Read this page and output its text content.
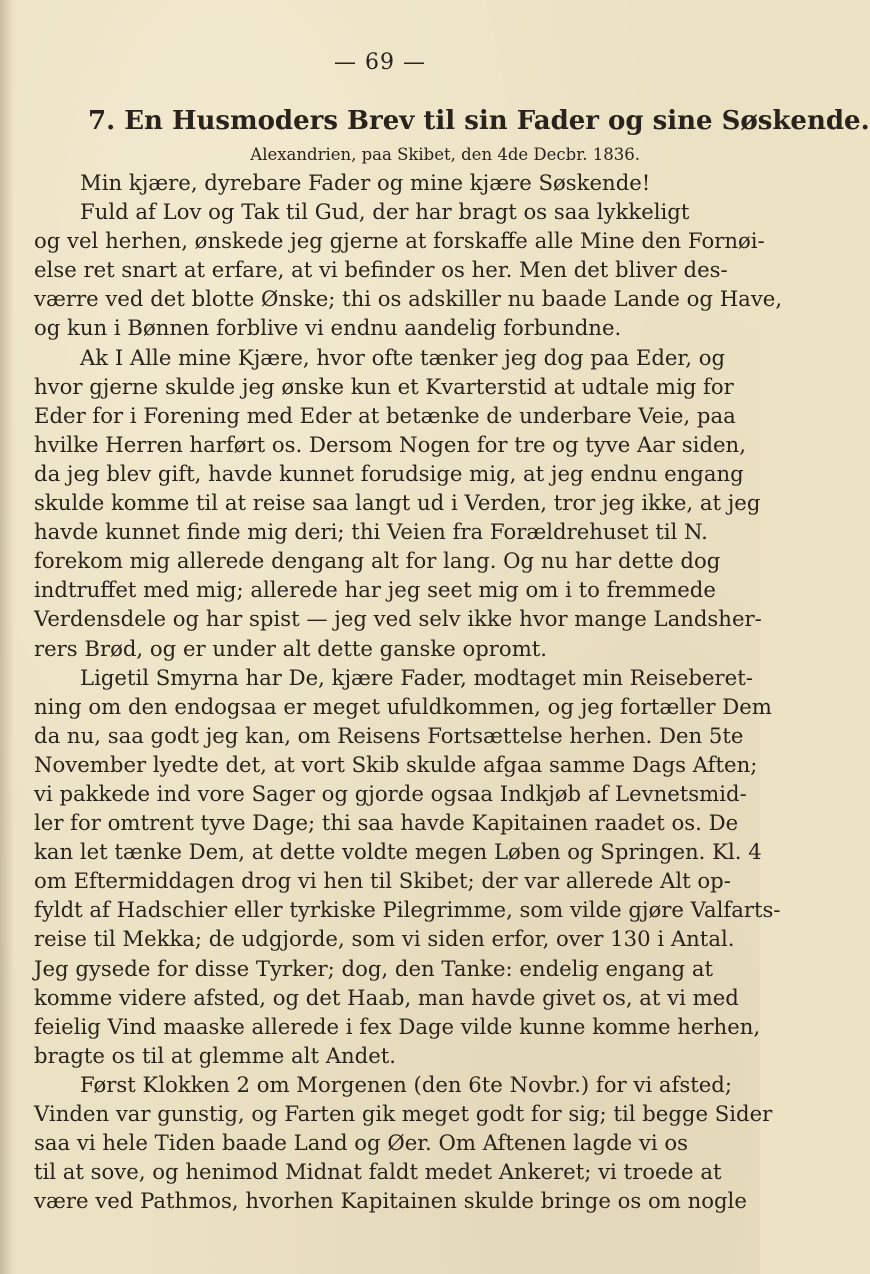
— 69 —
7. En Husmoders Brev til sin Fader og sine Søskende.
Alexandrien, paa Skibet, den 4de Decbr. 1836.
Min kjære, dyrebare Fader og mine kjære Søskende!
Fuld af Lov og Tak til Gud, der har bragt os saa lykkeligt
og vel herhen, ønskede jeg gjerne at forskaffe alle Mine den Fornøi-
else ret snart at erfare, at vi befinder os her. Men det bliver des-
værre ved det blotte Ønske; thi os adskiller nu baade Lande og Have,
og kun i Bønnen forblive vi endnu aandelig forbundne.
Ak I Alle mine Kjære, hvor ofte tænker jeg dog paa Eder, og
hvor gjerne skulde jeg ønske kun et Kvarterstid at udtale mig for
Eder for i Forening med Eder at betænke de underbare Veie, paa
hvilke Herren harført os. Dersom Nogen for tre og tyve Aar siden,
da jeg blev gift, havde kunnet forudsige mig, at jeg endnu engang
skulde komme til at reise saa langt ud i Verden, tror jeg ikke, at jeg
havde kunnet finde mig deri; thi Veien fra Forældrehuset til N.
forekom mig allerede dengang alt for lang. Og nu har dette dog
indtruffet med mig; allerede har jeg seet mig om i to fremmede
Verdensdele og har spist — jeg ved selv ikke hvor mange Landsher-
rers Brød, og er under alt dette ganske opromt.
Ligetil Smyrna har De, kjære Fader, modtaget min Reiseberet-
ning om den endogsaa er meget ufuldkommen, og jeg fortæller Dem
da nu, saa godt jeg kan, om Reisens Fortsættelse herhen. Den 5te
November lyedte det, at vort Skib skulde afgaa samme Dags Aften;
vi pakkede ind vore Sager og gjorde ogsaa Indkjøb af Levnetsmid-
ler for omtrent tyve Dage; thi saa havde Kapitainen raadet os. De
kan let tænke Dem, at dette voldte megen Løben og Springen. Kl. 4
om Eftermiddagen drog vi hen til Skibet; der var allerede Alt op-
fyldt af Hadschier eller tyrkiske Pilegrimme, som vilde gjøre Valfarts-
reise til Mekka; de udgjorde, som vi siden erfor, over 130 i Antal.
Jeg gysede for disse Tyrker; dog, den Tanke: endelig engang at
komme videre afsted, og det Haab, man havde givet os, at vi med
feielig Vind maaske allerede i fex Dage vilde kunne komme herhen,
bragte os til at glemme alt Andet.
Først Klokken 2 om Morgenen (den 6te Novbr.) for vi afsted;
Vinden var gunstig, og Farten gik meget godt for sig; til begge Sider
saa vi hele Tiden baade Land og Øer. Om Aftenen lagde vi os
til at sove, og henimod Midnat faldt medet Ankeret; vi troede at
være ved Pathmos, hvorhen Kapitainen skulde bringe os om nogle
